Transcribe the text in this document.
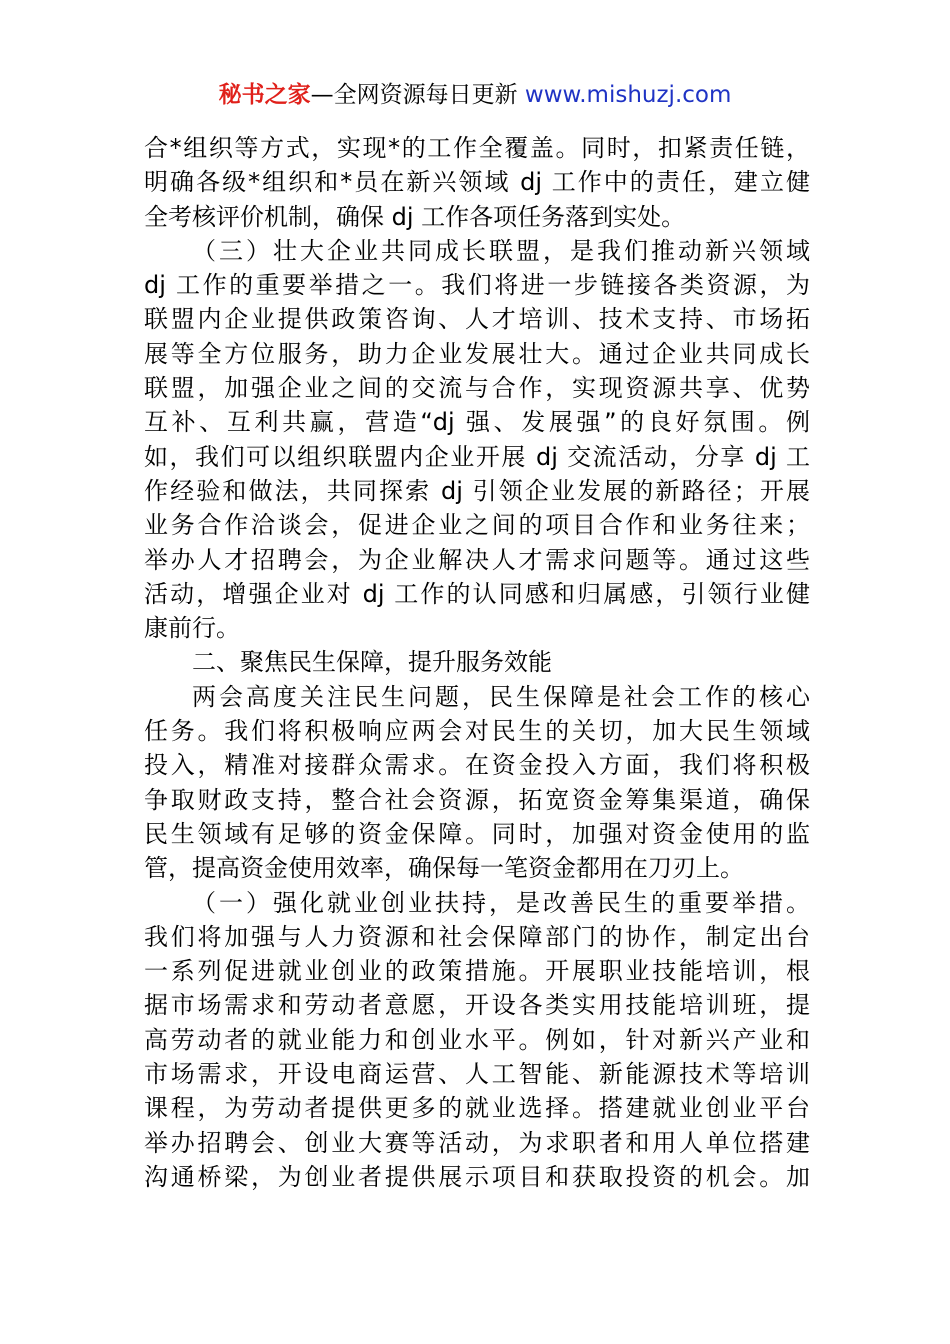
秘书之家—全网资源每日更新 www.mishuzj.com
合*组织等方式，实现*的工作全覆盖。同时，扣紧责任链，
明确各级*组织和*员在新兴领域 dj 工作中的责任，建立健
全考核评价机制，确保 dj 工作各项任务落到实处。
（三）壮大企业共同成长联盟，是我们推动新兴领域
dj 工作的重要举措之一。我们将进一步链接各类资源，为
联盟内企业提供政策咨询、人才培训、技术支持、市场拓
展等全方位服务，助力企业发展壮大。通过企业共同成长
联盟，加强企业之间的交流与合作，实现资源共享、优势
互补、互利共赢，营造“dj 强、发展强”的良好氛围。例
如，我们可以组织联盟内企业开展 dj 交流活动，分享 dj 工
作经验和做法，共同探索 dj 引领企业发展的新路径；开展
业务合作洽谈会，促进企业之间的项目合作和业务往来；
举办人才招聘会，为企业解决人才需求问题等。通过这些
活动，增强企业对 dj 工作的认同感和归属感，引领行业健
康前行。
二、聚焦民生保障，提升服务效能
两会高度关注民生问题，民生保障是社会工作的核心
任务。我们将积极响应两会对民生的关切，加大民生领域
投入，精准对接群众需求。在资金投入方面，我们将积极
争取财政支持，整合社会资源，拓宽资金筹集渠道，确保
民生领域有足够的资金保障。同时，加强对资金使用的监
管，提高资金使用效率，确保每一笔资金都用在刀刃上。
（一）强化就业创业扶持，是改善民生的重要举措。
我们将加强与人力资源和社会保障部门的协作，制定出台
一系列促进就业创业的政策措施。开展职业技能培训，根
据市场需求和劳动者意愿，开设各类实用技能培训班，提
高劳动者的就业能力和创业水平。例如，针对新兴产业和
市场需求，开设电商运营、人工智能、新能源技术等培训
课程，为劳动者提供更多的就业选择。搭建就业创业平台
举办招聘会、创业大赛等活动，为求职者和用人单位搭建
沟通桥梁，为创业者提供展示项目和获取投资的机会。加
